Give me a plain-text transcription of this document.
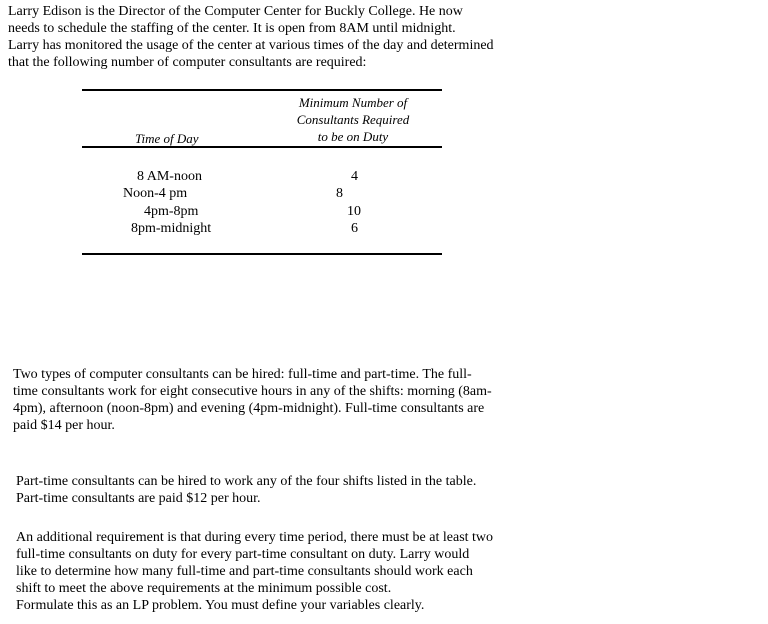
Larry Edison is the Director of the Computer Center for Buckly College. He now
needs to schedule the staffing of the center. It is open from 8AM until midnight.
Larry has monitored the usage of the center at various times of the day and determined
that the following number of computer consultants are required:
Minimum Number of
Consultants Required
to be on Duty
Time of Day
8 AM-noon	4
Noon-4 pm	8
4pm-8pm	10
8pm-midnight	6
Two types of computer consultants can be hired: full-time and part-time. The full-
time consultants work for eight consecutive hours in any of the shifts: morning (8am-
4pm), afternoon (noon-8pm) and evening (4pm-midnight). Full-time consultants are
paid $14 per hour.
Part-time consultants can be hired to work any of the four shifts listed in the table.
Part-time consultants are paid $12 per hour.
An additional requirement is that during every time period, there must be at least two
full-time consultants on duty for every part-time consultant on duty. Larry would
like to determine how many full-time and part-time consultants should work each
shift to meet the above requirements at the minimum possible cost.
Formulate this as an LP problem. You must define your variables clearly.
